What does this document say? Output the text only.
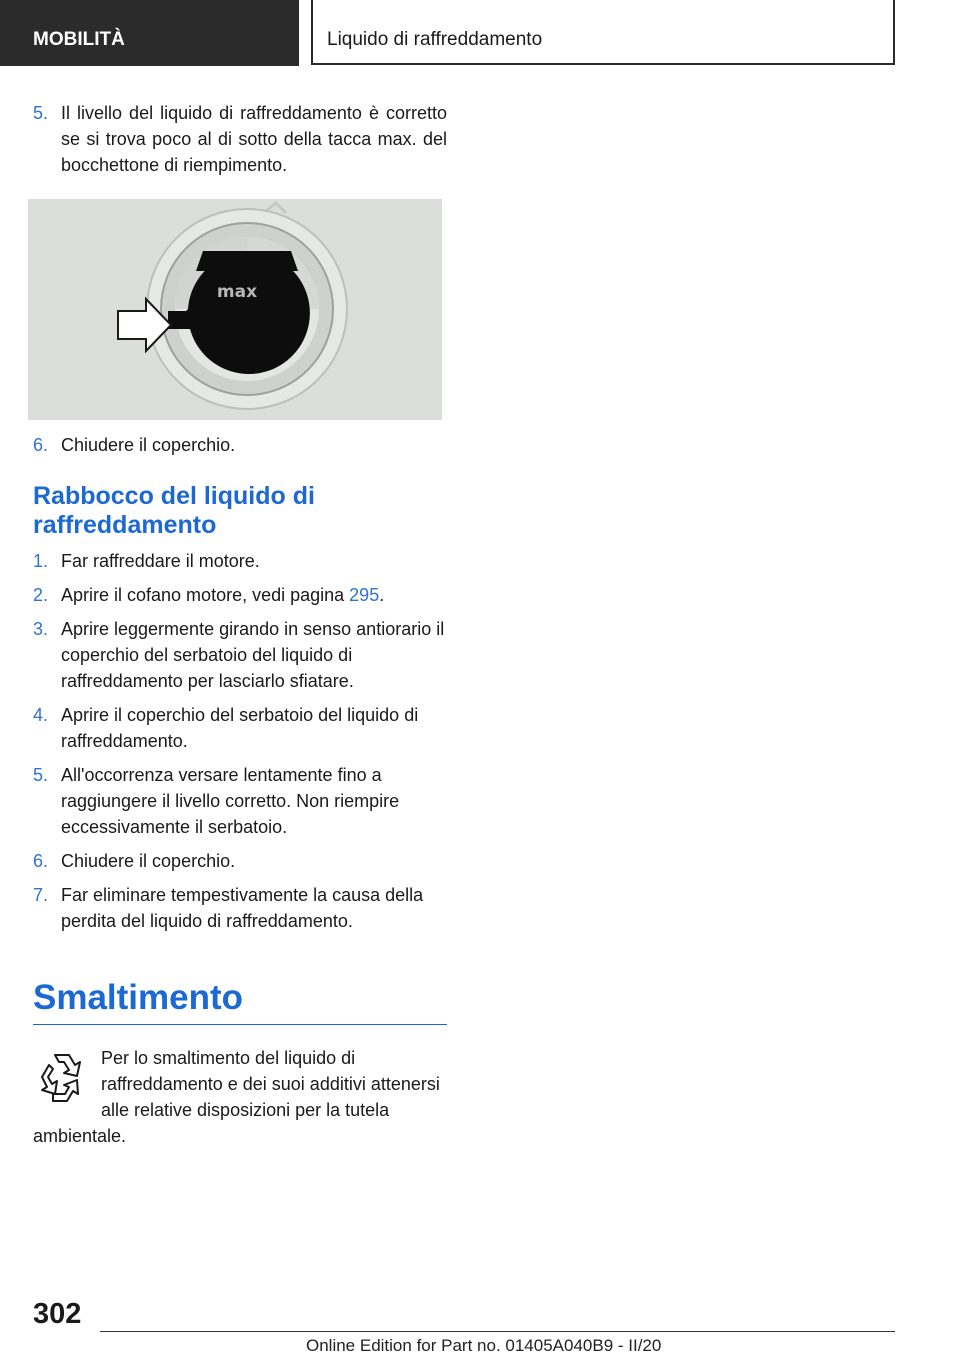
MOBILITÀ	Liquido di raffreddamento
5. Il livello del liquido di raffreddamento è corretto se si trova poco al di sotto della tacca max. del bocchettone di riempimento.
max
6. Chiudere il coperchio.
Rabbocco del liquido di raffreddamento
1. Far raffreddare il motore.
2. Aprire il cofano motore, vedi pagina 295.
3. Aprire leggermente girando in senso antiorario il coperchio del serbatoio del liquido di raffreddamento per lasciarlo sfiatare.
4. Aprire il coperchio del serbatoio del liquido di raffreddamento.
5. All'occorrenza versare lentamente fino a raggiungere il livello corretto. Non riempire eccessivamente il serbatoio.
6. Chiudere il coperchio.
7. Far eliminare tempestivamente la causa della perdita del liquido di raffreddamento.
Smaltimento
Per lo smaltimento del liquido di raffreddamento e dei suoi additivi attenersi alle relative disposizioni per la tutela ambientale.
302
Online Edition for Part no. 01405A040B9 - II/20
